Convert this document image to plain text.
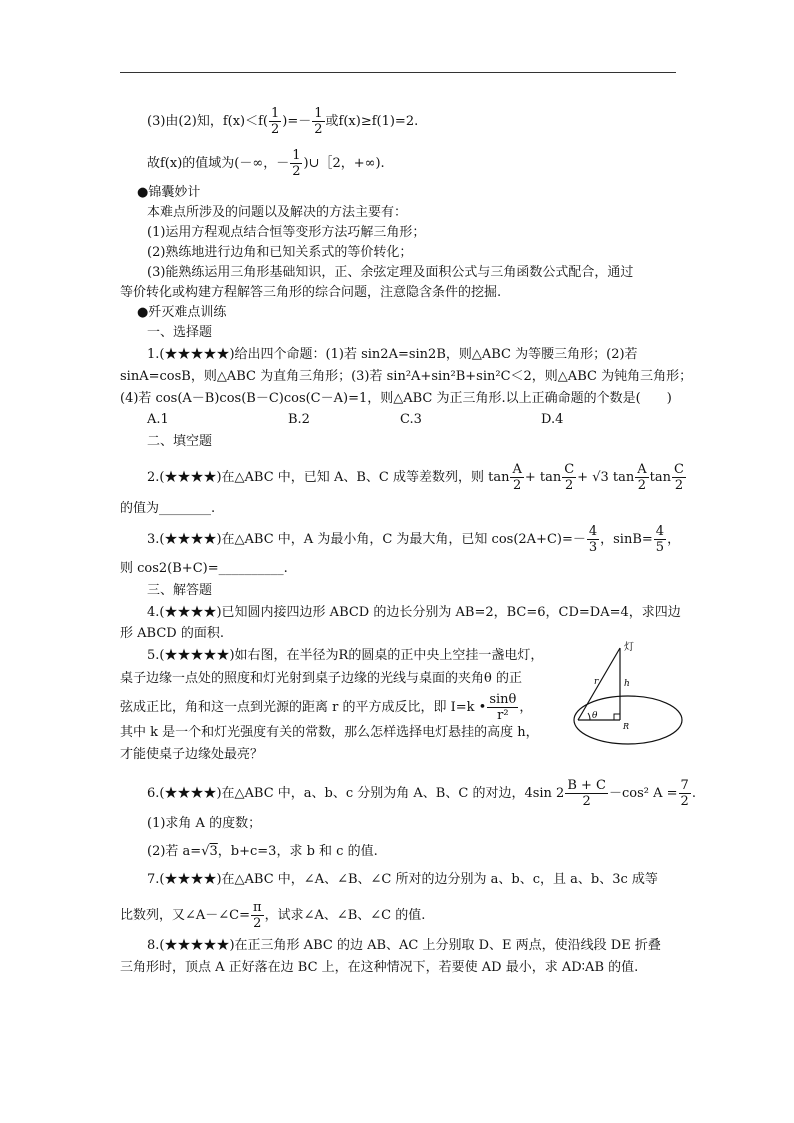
(3)由(2)知，$f(x)<f( \frac{1}{2}$ )=－ $\frac{1}{2}$ 或f(x)≥f(1)=2.
故f(x)的值域为(－∞，－ $\frac{1}{2}$ )∪［2，+∞).
●锦囊妙计
本难点所涉及的问题以及解决的方法主要有：
(1)运用方程观点结合恒等变形方法巧解三角形；
(2)熟练地进行边角和已知关系式的等价转化；
(3)能熟练运用三角形基础知识，正、余弦定理及面积公式与三角函数公式配合，通过
等价转化或构建方程解答三角形的综合问题，注意隐含条件的挖掘.
●歼灭难点训练
一、选择题
1.(★★★★★)给出四个命题：(1)若 sin2A=sin2B，则△ABC 为等腰三角形；(2)若
sinA=cosB，则△ABC 为直角三角形；(3)若 sin²A+sin²B+sin²C＜2，则△ABC 为钝角三角形；
(4)若 cos(A－B)cos(B－C)cos(C－A)=1，则△ABC 为正三角形.以上正确命题的个数是(　　)
A.1	B.2	C.3	D.4
二、填空题
2.(★★★★)在△ABC 中，已知 A、B、C 成等差数列，则 $\tan \frac{A}{2} + \tan \frac{C}{2} + √3$ $\tan \frac{A}{2}$ $\tan \frac{C}{2}$
的值为________.
3.(★★★★)在△ABC 中，A 为最小角，C 为最大角，已知 $\cos(2A+C)=- \frac{4}{3}$ ，$\sin B= \frac{4}{5}$ ，
则 cos2(B+C)=__________.
三、解答题
4.(★★★★)已知圆内接四边形 ABCD 的边长分别为 AB=2，BC=6，CD=DA=4，求四边
形 ABCD 的面积.
5.(★★★★★)如右图，在半径为R的圆桌的正中央上空挂一盏电灯，
桌子边缘一点处的照度和灯光射到桌子边缘的光线与桌面的夹角θ 的正
弦成正比，角和这一点到光源的距离 r 的平方成反比，即 I=k • $\frac{\sin\theta}{\text{r²}}$ ，
其中 k 是一个和灯光强度有关的常数，那么怎样选择电灯悬挂的高度 h，
才能使桌子边缘处最亮？
灯
r	h
θ
R
6.(★★★★)在△ABC 中，a、b、c 分别为角 A、B、C 的对边，4sin $2 \frac{B + C}{2} -\cos^2$ $A = \frac{7}{2}$ .
(1)求角 A 的度数；
(2)若 a=√3，b+c=3，求 b 和 c 的值.
7.(★★★★)在△ABC 中，∠A、∠B、∠C 所对的边分别为 a、b、c，且 a、b、3c 成等
比数列，又∠A－∠C= $\frac{\pi}{2}$ ，试求∠A、∠B、∠C 的值.
8.(★★★★★)在正三角形 ABC 的边 AB、AC 上分别取 D、E 两点，使沿线段 DE 折叠
三角形时，顶点 A 正好落在边 BC 上，在这种情况下，若要使 AD 最小，求 AD∶AB 的值.
